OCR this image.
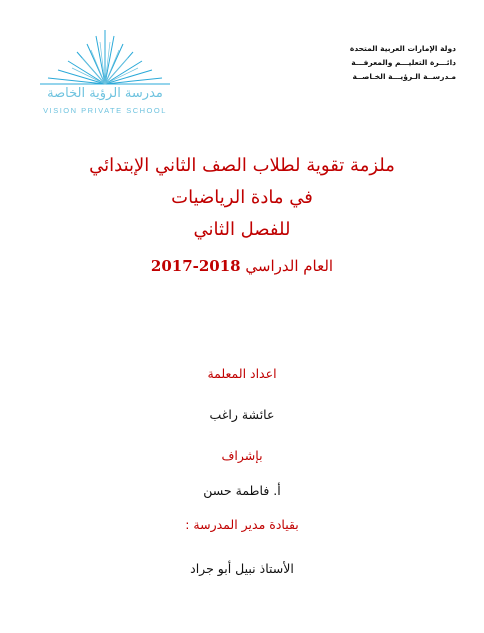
مدرسة الرؤية الخاصة
VISION PRIVATE SCHOOL
دولة الإمارات العربية المتحدة
دائـــرة التعليـــم والمعرفـــة
مـدرســة الـرؤيـــة الخـاصــة
ملزمة تقوية لطلاب الصف الثاني الإبتدائي
في مادة الرياضيات
للفصل الثاني
العام الدراسي 2017-2018
اعداد المعلمة
عائشة راغب
بإشراف
أ. فاطمة حسن
بقيادة مدير المدرسة :
الأستاذ نبيل أبو جراد
